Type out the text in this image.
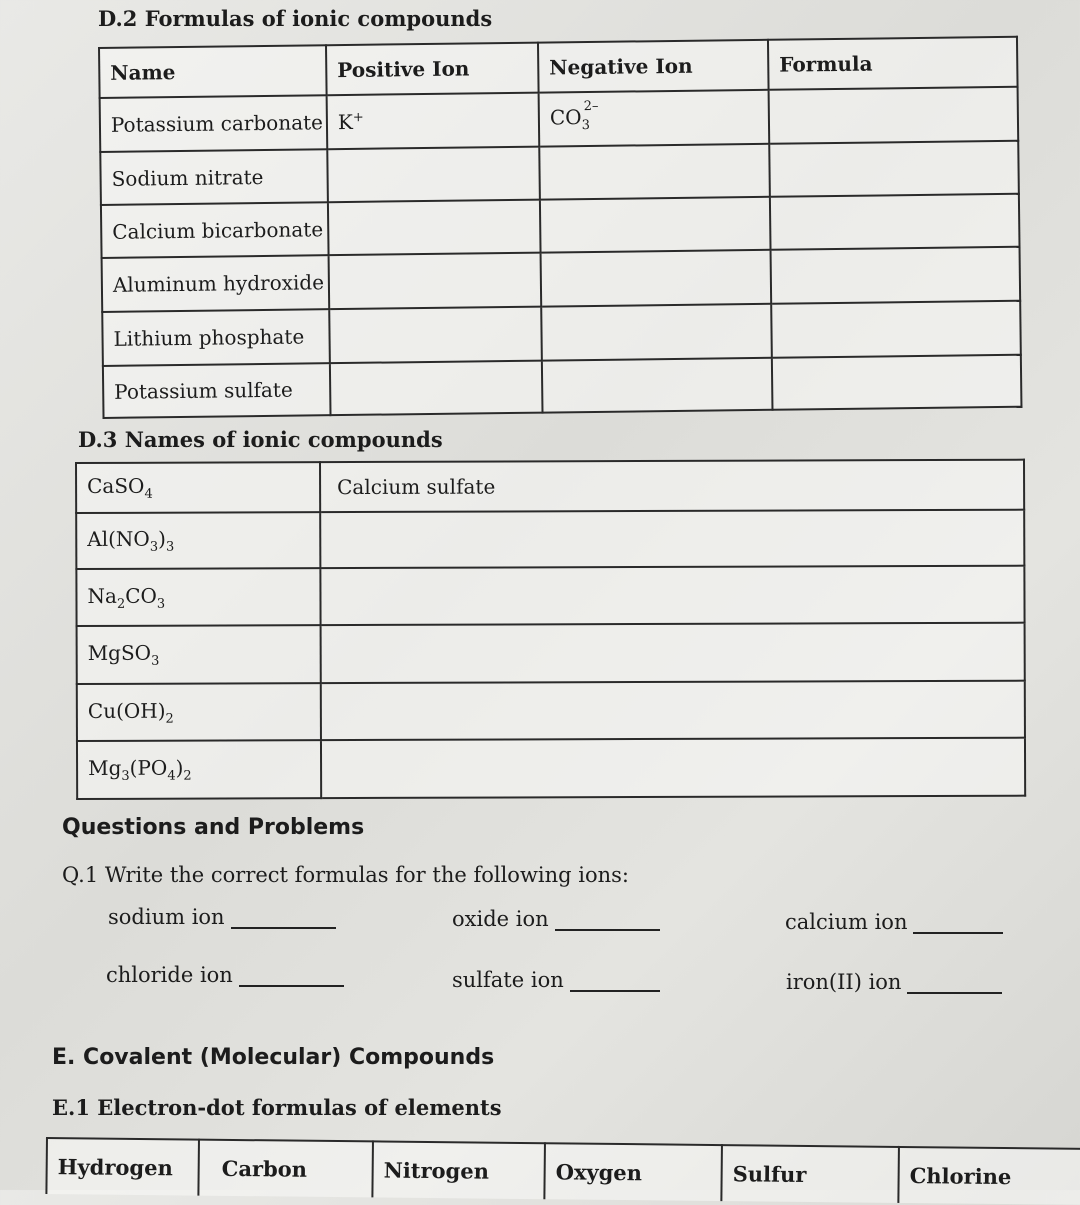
D.2 Formulas of ionic compounds
Name	Positive Ion	Negative Ion	Formula
Potassium carbonate	K+	$CO_3^{2-}$	
Sodium nitrate			
Calcium bicarbonate			
Aluminum hydroxide			
Lithium phosphate			
Potassium sulfate			
D.3 Names of ionic compounds
CaSO$_4$	Calcium sulfate
$Al(NO_3)_3$	
$Na_2CO_3$	
MgSO$_3$	
$Cu(OH)_2$	
$Mg_3(PO_4)_2$	
Questions and Problems
Q.1 Write the correct formulas for the following ions:
sodium ion	oxide ion	calcium ion
chloride ion	sulfate ion	iron(II) ion
E. Covalent (Molecular) Compounds
E.1 Electron-dot formulas of elements
Hydrogen	Carbon	Nitrogen	Oxygen	Sulfur	Chlorine
